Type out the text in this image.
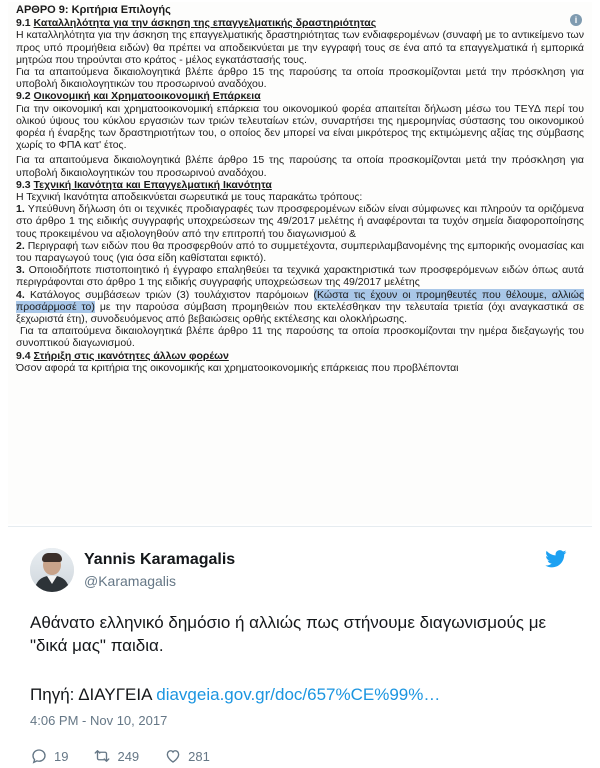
i
ΑΡΘΡΟ 9: Κριτήρια Επιλογής
9.1 Καταλληλότητα για την άσκηση της επαγγελματικής δραστηριότητας
Η καταλληλότητα για την άσκηση της επαγγελματικής δραστηριότητας των ενδιαφερομένων (συναφή με το αντικείμενο των προς υπό προμήθεια ειδών) θα πρέπει να αποδεικνύεται με την εγγραφή τους σε ένα από τα επαγγελματικά ή εμπορικά μητρώα που τηρούνται στο κράτος - μέλος εγκατάστασής τους.
Για τα απαιτούμενα δικαιολογητικά βλέπε άρθρο 15 της παρούσης τα οποία προσκομίζονται μετά την πρόσκληση για υποβολή δικαιολογητικών του προσωρινού αναδόχου.
9.2 Οικονομική και Χρηματοοικονομική Επάρκεια
Για την οικονομική και χρηματοοικονομική επάρκεια του οικονομικού φορέα απαιτείται δήλωση μέσω του ΤΕΥΔ περί του ολικού ύψους του κύκλου εργασιών των τριών τελευταίων ετών, συναρτήσει της ημερομηνίας σύστασης του οικονομικού φορέα ή έναρξης των δραστηριοτήτων του, ο οποίος δεν μπορεί να είναι μικρότερος της εκτιμώμενης αξίας της σύμβασης χωρίς το ΦΠΑ κατ' έτος.
Για τα απαιτούμενα δικαιολογητικά βλέπε άρθρο 15 της παρούσης τα οποία προσκομίζονται μετά την πρόσκληση για υποβολή δικαιολογητικών του προσωρινού αναδόχου.
9.3 Τεχνική Ικανότητα και Επαγγελματική Ικανότητα
Η Τεχνική Ικανότητα αποδεικνύεται σωρευτικά με τους παρακάτω τρόπους:
1. Υπεύθυνη δήλωση ότι οι τεχνικές προδιαγραφές των προσφερομένων ειδών είναι σύμφωνες και πληρούν τα οριζόμενα στο άρθρο 1 της ειδικής συγγραφής υποχρεώσεων της 49/2017 μελέτης ή αναφέρονται τα τυχόν σημεία διαφοροποίησης τους προκειμένου να αξιολογηθούν από την επιτροπή του διαγωνισμού &
2. Περιγραφή των ειδών που θα προσφερθούν από το συμμετέχοντα, συμπεριλαμβανομένης της εμπορικής ονομασίας και του παραγωγού τους (για όσα είδη καθίσταται εφικτό).
3. Οποιοδήποτε πιστοποιητικό ή έγγραφο επαληθεύει τα τεχνικά χαρακτηριστικά των προσφερόμενων ειδών όπως αυτά περιγράφονται στο άρθρο 1 της ειδικής συγγραφής υποχρεώσεων της 49/2017 μελέτης
4. Κατάλογος συμβάσεων τριών (3) τουλάχιστον παρόμοιων (Κώστα τις έχουν οι προμηθευτές που θέλουμε, αλλιώς προσάρμοσέ το) με την παρούσα σύμβαση προμηθειών που εκτελέσθηκαν την τελευταία τριετία (όχι αναγκαστικά σε ξεχωριστά έτη), συνοδευόμενος από βεβαιώσεις ορθής εκτέλεσης και ολοκλήρωσης.
Για τα απαιτούμενα δικαιολογητικά βλέπε άρθρο 11 της παρούσης τα οποία προσκομίζονται την ημέρα διεξαγωγής του συνοπτικού διαγωνισμού.
9.4 Στήριξη στις ικανότητες άλλων φορέων
Όσον αφορά τα κριτήρια της οικονομικής και χρηματοοικονομικής επάρκειας που προβλέπονται
Yannis Karamagalis
@Karamagalis
Αθάνατο ελληνικό δημόσιο ή αλλιώς πως στήνουμε διαγωνισμούς με "δικά μας" παιδια.
Πηγή: ΔΙΑΥΓΕΙΑ diavgeia.gov.gr/doc/657%CE%99%…
4:06 PM - Nov 10, 2017
19	249	281
